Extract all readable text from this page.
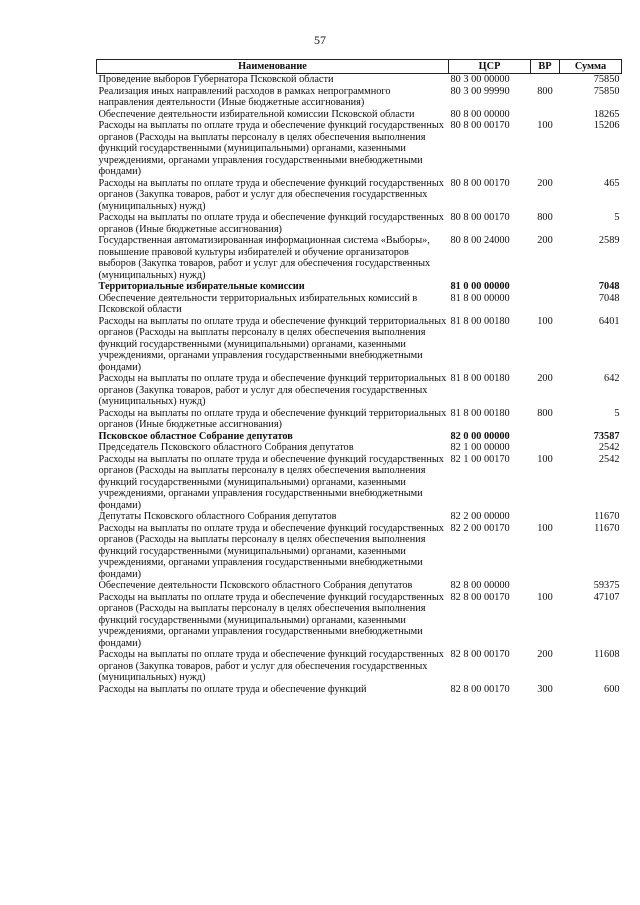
57
Наименование	ЦСР	ВР	Сумма
Проведение выборов Губернатора Псковской области	80 3 00 00000		75850
Реализация иных направлений расходов в рамках непрограммного направления деятельности (Иные бюджетные ассигнования)	80 3 00 99990	800	75850
Обеспечение деятельности избирательной комиссии Псковской области	80 8 00 00000		18265
Расходы на выплаты по оплате труда и обеспечение функций государственных органов (Расходы на выплаты персоналу в целях обеспечения выполнения функций государственными (муниципальными) органами, казенными учреждениями, органами управления государственными внебюджетными фондами)	80 8 00 00170	100	15206
Расходы на выплаты по оплате труда и обеспечение функций государственных органов (Закупка товаров, работ и услуг для обеспечения государственных (муниципальных) нужд)	80 8 00 00170	200	465
Расходы на выплаты по оплате труда и обеспечение функций государственных органов (Иные бюджетные ассигнования)	80 8 00 00170	800	5
Государственная автоматизированная информационная система «Выборы», повышение правовой культуры избирателей и обучение организаторов выборов (Закупка товаров, работ и услуг для обеспечения государственных (муниципальных) нужд)	80 8 00 24000	200	2589
Территориальные избирательные комиссии	81 0 00 00000		7048
Обеспечение деятельности территориальных избирательных комиссий в Псковской области	81 8 00 00000		7048
Расходы на выплаты по оплате труда и обеспечение функций территориальных органов (Расходы на выплаты персоналу в целях обеспечения выполнения функций государственными (муниципальными) органами, казенными учреждениями, органами управления государственными внебюджетными фондами)	81 8 00 00180	100	6401
Расходы на выплаты по оплате труда и обеспечение функций территориальных органов (Закупка товаров, работ и услуг для обеспечения государственных (муниципальных) нужд)	81 8 00 00180	200	642
Расходы на выплаты по оплате труда и обеспечение функций территориальных органов (Иные бюджетные ассигнования)	81 8 00 00180	800	5
Псковское областное Собрание депутатов	82 0 00 00000		73587
Председатель Псковского областного Собрания депутатов	82 1 00 00000		2542
Расходы на выплаты по оплате труда и обеспечение функций государственных органов (Расходы на выплаты персоналу в целях обеспечения выполнения функций государственными (муниципальными) органами, казенными учреждениями, органами управления государственными внебюджетными фондами)	82 1 00 00170	100	2542
Депутаты Псковского областного Собрания депутатов	82 2 00 00000		11670
Расходы на выплаты по оплате труда и обеспечение функций государственных органов (Расходы на выплаты персоналу в целях обеспечения выполнения функций государственными (муниципальными) органами, казенными учреждениями, органами управления государственными внебюджетными фондами)	82 2 00 00170	100	11670
Обеспечение деятельности Псковского областного Собрания депутатов	82 8 00 00000		59375
Расходы на выплаты по оплате труда и обеспечение функций государственных органов (Расходы на выплаты персоналу в целях обеспечения выполнения функций государственными (муниципальными) органами, казенными учреждениями, органами управления государственными внебюджетными фондами)	82 8 00 00170	100	47107
Расходы на выплаты по оплате труда и обеспечение функций государственных органов (Закупка товаров, работ и услуг для обеспечения государственных (муниципальных) нужд)	82 8 00 00170	200	11608
Расходы на выплаты по оплате труда и обеспечение функций	82 8 00 00170	300	600
